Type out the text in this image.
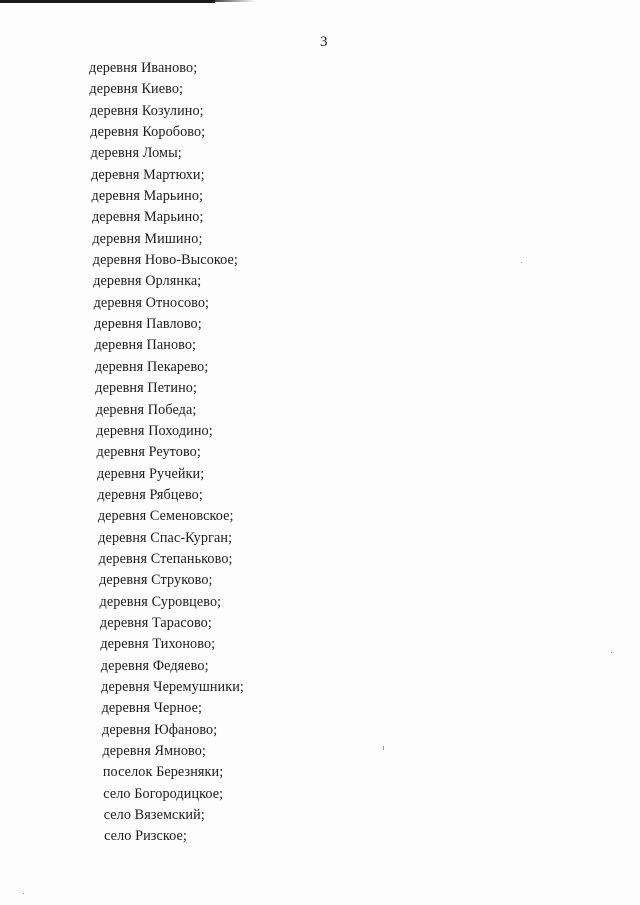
3
деревня Иваново;
деревня Киево;
деревня Козулино;
деревня Коробово;
деревня Ломы;
деревня Мартюхи;
деревня Марьино;
деревня Марьино;
деревня Мишино;
деревня Ново-Высокое;
деревня Орлянка;
деревня Относово;
деревня Павлово;
деревня Паново;
деревня Пекарево;
деревня Петино;
деревня Победа;
деревня Походино;
деревня Реутово;
деревня Ручейки;
деревня Рябцево;
деревня Семеновское;
деревня Спас-Курган;
деревня Степаньково;
деревня Струково;
деревня Суровцево;
деревня Тарасово;
деревня Тихоново;
деревня Федяево;
деревня Черемушники;
деревня Черное;
деревня Юфаново;
деревня Ямново;
поселок Березняки;
село Богородицкое;
село Вяземский;
село Ризское;
